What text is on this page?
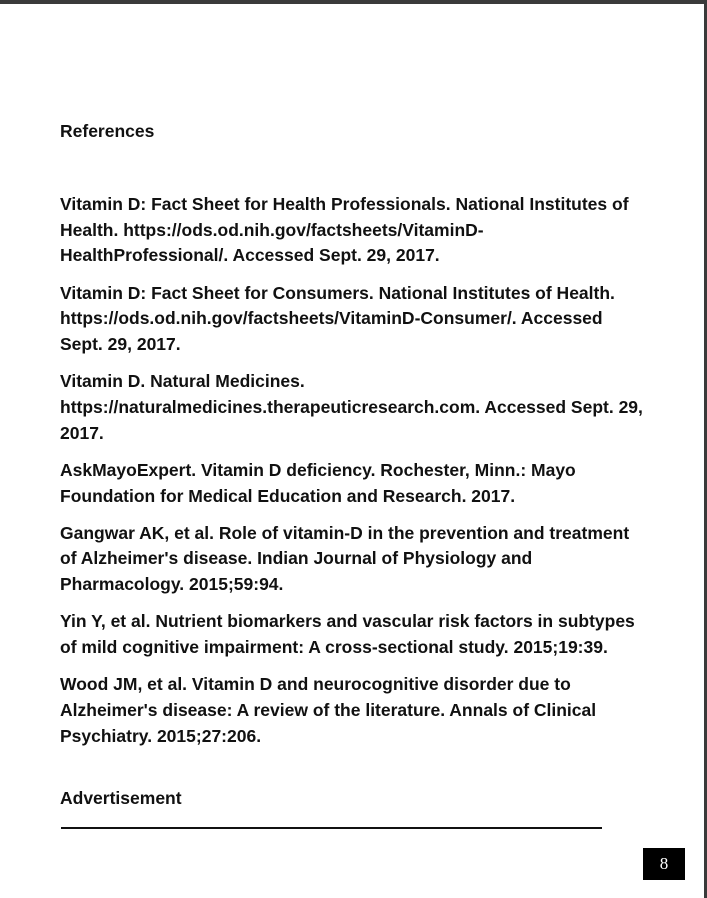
References
Vitamin D: Fact Sheet for Health Professionals. National Institutes of Health. https://ods.od.nih.gov/factsheets/VitaminD-HealthProfessional/. Accessed Sept. 29, 2017.
Vitamin D: Fact Sheet for Consumers. National Institutes of Health. https://ods.od.nih.gov/factsheets/VitaminD-Consumer/. Accessed Sept. 29, 2017.
Vitamin D. Natural Medicines. https://naturalmedicines.therapeuticresearch.com. Accessed Sept. 29, 2017.
AskMayoExpert. Vitamin D deficiency. Rochester, Minn.: Mayo Foundation for Medical Education and Research. 2017.
Gangwar AK, et al. Role of vitamin-D in the prevention and treatment of Alzheimer's disease. Indian Journal of Physiology and Pharmacology. 2015;59:94.
Yin Y, et al. Nutrient biomarkers and vascular risk factors in subtypes of mild cognitive impairment: A cross-sectional study. 2015;19:39.
Wood JM, et al. Vitamin D and neurocognitive disorder due to Alzheimer's disease: A review of the literature. Annals of Clinical Psychiatry. 2015;27:206.

Advertisement

8
